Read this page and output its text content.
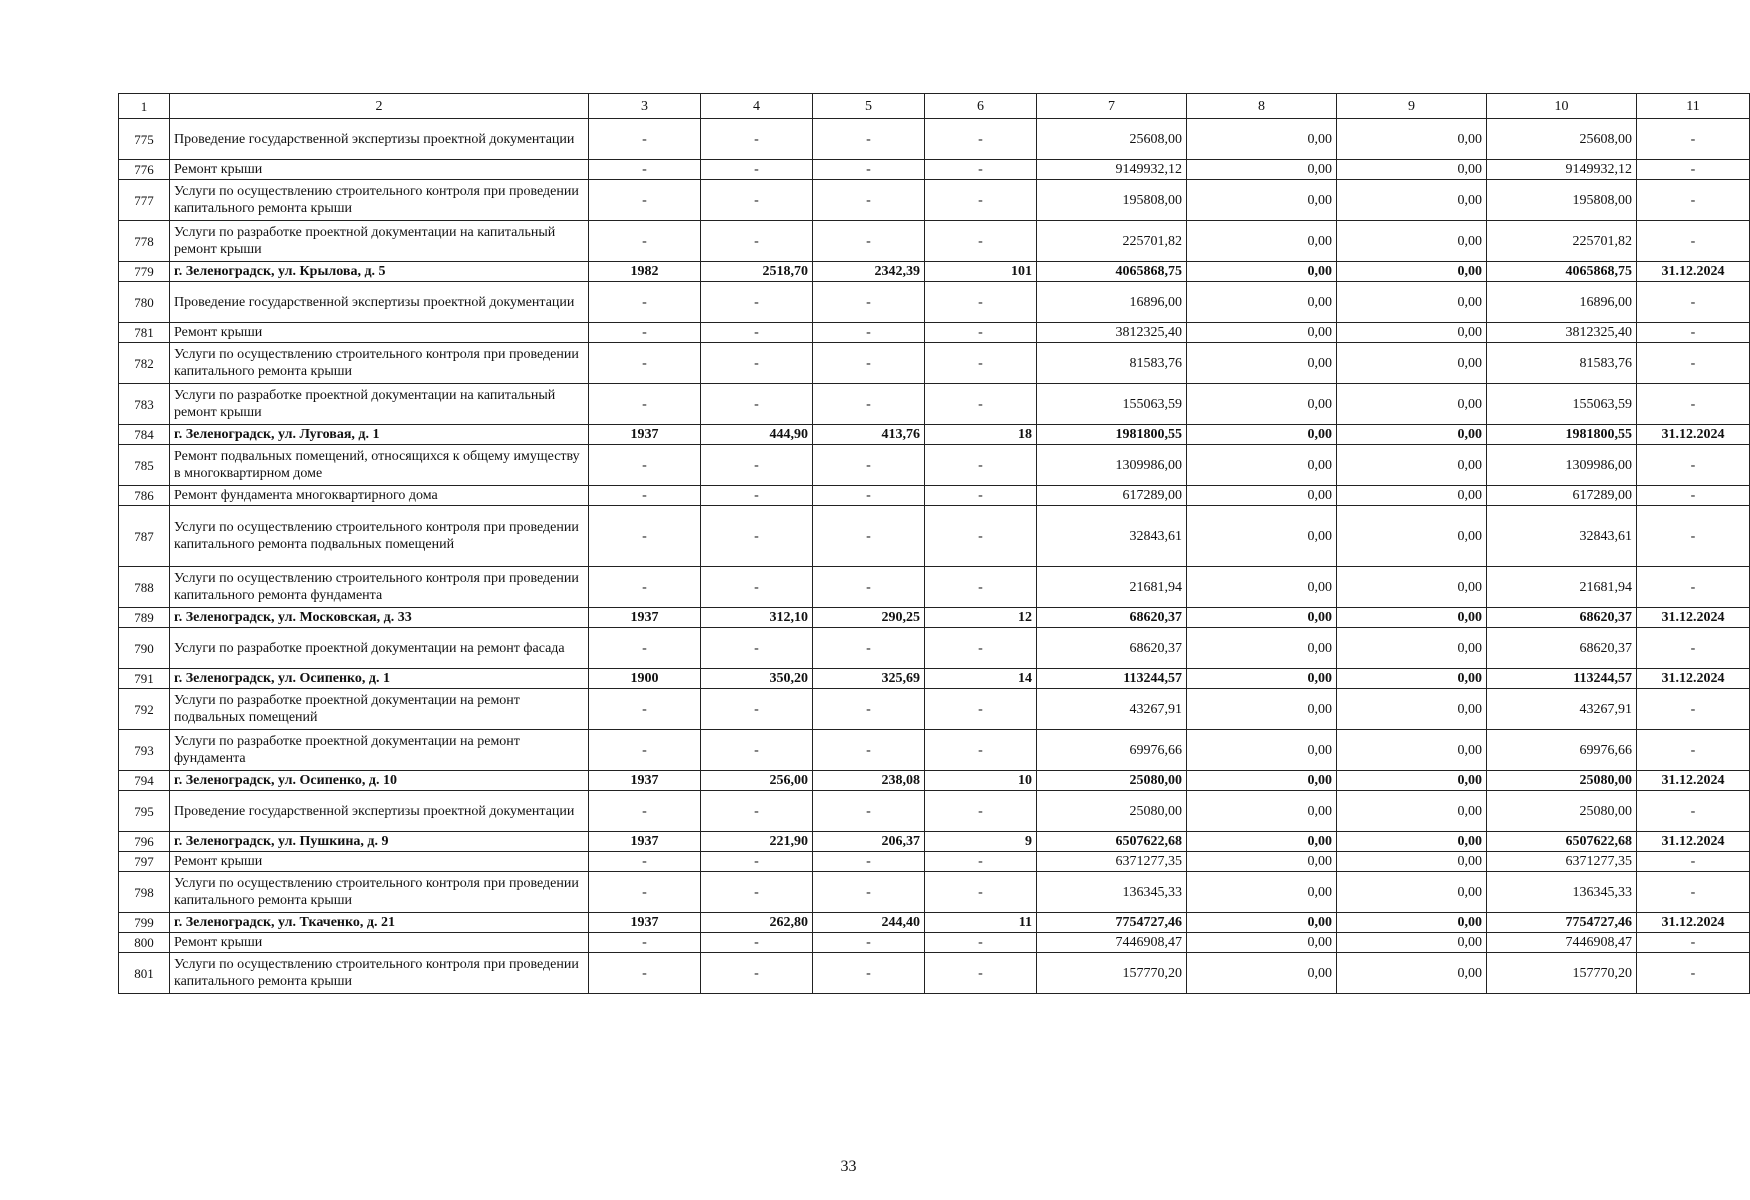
1	2	3	4	5	6	7	8	9	10	11
775	Проведение государственной экспертизы проектной документации	-	-	-	-	25608,00	0,00	0,00	25608,00	-
776	Ремонт крыши	-	-	-	-	9149932,12	0,00	0,00	9149932,12	-
777	Услуги по осуществлению строительного контроля при проведении капитального ремонта крыши	-	-	-	-	195808,00	0,00	0,00	195808,00	-
778	Услуги по разработке проектной документации на капитальный ремонт крыши	-	-	-	-	225701,82	0,00	0,00	225701,82	-
779	г. Зеленоградск, ул. Крылова, д. 5	1982	2518,70	2342,39	101	4065868,75	0,00	0,00	4065868,75	31.12.2024
780	Проведение государственной экспертизы проектной документации	-	-	-	-	16896,00	0,00	0,00	16896,00	-
781	Ремонт крыши	-	-	-	-	3812325,40	0,00	0,00	3812325,40	-
782	Услуги по осуществлению строительного контроля при проведении капитального ремонта крыши	-	-	-	-	81583,76	0,00	0,00	81583,76	-
783	Услуги по разработке проектной документации на капитальный ремонт крыши	-	-	-	-	155063,59	0,00	0,00	155063,59	-
784	г. Зеленоградск, ул. Луговая, д. 1	1937	444,90	413,76	18	1981800,55	0,00	0,00	1981800,55	31.12.2024
785	Ремонт подвальных помещений, относящихся к общему имуществу в многоквартирном доме	-	-	-	-	1309986,00	0,00	0,00	1309986,00	-
786	Ремонт фундамента многоквартирного дома	-	-	-	-	617289,00	0,00	0,00	617289,00	-
787	Услуги по осуществлению строительного контроля при проведении капитального ремонта подвальных помещений	-	-	-	-	32843,61	0,00	0,00	32843,61	-
788	Услуги по осуществлению строительного контроля при проведении капитального ремонта фундамента	-	-	-	-	21681,94	0,00	0,00	21681,94	-
789	г. Зеленоградск, ул. Московская, д. 33	1937	312,10	290,25	12	68620,37	0,00	0,00	68620,37	31.12.2024
790	Услуги по разработке проектной документации на ремонт фасада	-	-	-	-	68620,37	0,00	0,00	68620,37	-
791	г. Зеленоградск, ул. Осипенко, д. 1	1900	350,20	325,69	14	113244,57	0,00	0,00	113244,57	31.12.2024
792	Услуги по разработке проектной документации на ремонт подвальных помещений	-	-	-	-	43267,91	0,00	0,00	43267,91	-
793	Услуги по разработке проектной документации на ремонт фундамента	-	-	-	-	69976,66	0,00	0,00	69976,66	-
794	г. Зеленоградск, ул. Осипенко, д. 10	1937	256,00	238,08	10	25080,00	0,00	0,00	25080,00	31.12.2024
795	Проведение государственной экспертизы проектной документации	-	-	-	-	25080,00	0,00	0,00	25080,00	-
796	г. Зеленоградск, ул. Пушкина, д. 9	1937	221,90	206,37	9	6507622,68	0,00	0,00	6507622,68	31.12.2024
797	Ремонт крыши	-	-	-	-	6371277,35	0,00	0,00	6371277,35	-
798	Услуги по осуществлению строительного контроля при проведении капитального ремонта крыши	-	-	-	-	136345,33	0,00	0,00	136345,33	-
799	г. Зеленоградск, ул. Ткаченко, д. 21	1937	262,80	244,40	11	7754727,46	0,00	0,00	7754727,46	31.12.2024
800	Ремонт крыши	-	-	-	-	7446908,47	0,00	0,00	7446908,47	-
801	Услуги по осуществлению строительного контроля при проведении капитального ремонта крыши	-	-	-	-	157770,20	0,00	0,00	157770,20	-
33
